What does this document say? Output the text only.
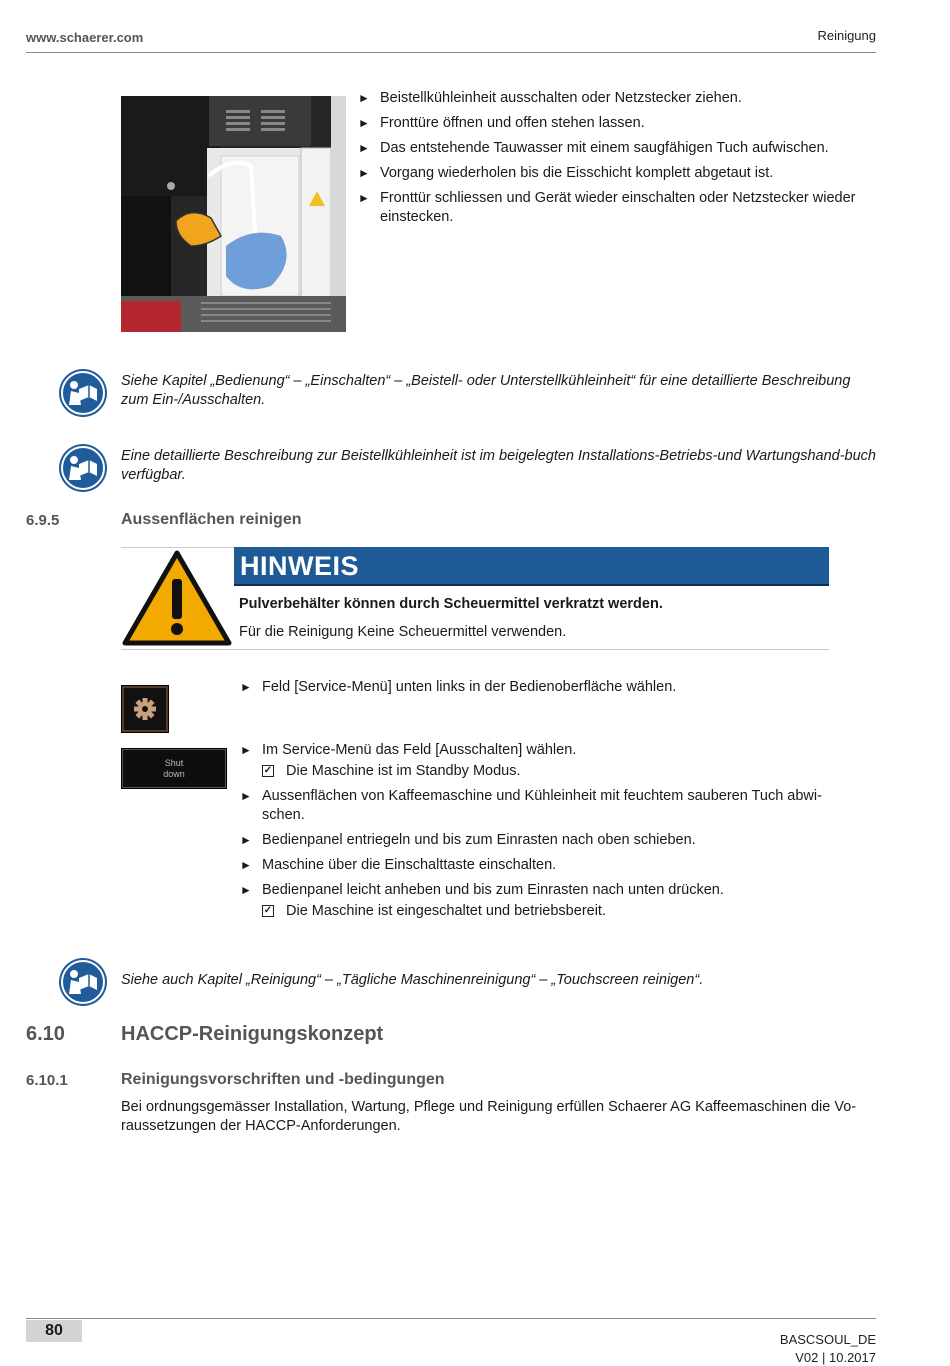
www.schaerer.com	Reinigung
► Beistellkühleinheit ausschalten oder Netzstecker ziehen.
► Fronttüre öffnen und offen stehen lassen.
► Das entstehende Tauwasser mit einem saugfähigen Tuch aufwischen.
► Vorgang wiederholen bis die Eisschicht komplett abgetaut ist.
► Fronttür schliessen und Gerät wieder einschalten oder Netzstecker wieder einstecken.
Siehe Kapitel „Bedienung“ – „Einschalten“ – „Beistell- oder Unterstellkühleinheit“ für eine detaillierte Beschreibung zum Ein-/Ausschalten.
Eine detaillierte Beschreibung zur Beistellkühleinheit ist im beigelegten Installations-Betriebs-und Wartungshand-buch verfügbar.
6.9.5	Aussenflächen reinigen
HINWEIS
Pulverbehälter können durch Scheuermittel verkratzt werden.
Für die Reinigung Keine Scheuermittel verwenden.
► Feld [Service-Menü] unten links in der Bedienoberfläche wählen.
Shut
down
► Im Service-Menü das Feld [Ausschalten] wählen.
✓ Die Maschine ist im Standby Modus.
► Aussenflächen von Kaffeemaschine und Kühleinheit mit feuchtem sauberen Tuch abwi-schen.
► Bedienpanel entriegeln und bis zum Einrasten nach oben schieben.
► Maschine über die Einschalttaste einschalten.
► Bedienpanel leicht anheben und bis zum Einrasten nach unten drücken.
✓ Die Maschine ist eingeschaltet und betriebsbereit.
Siehe auch Kapitel „Reinigung“ – „Tägliche Maschinenreinigung“ – „Touchscreen reinigen“.
6.10	HACCP-Reinigungskonzept
6.10.1	Reinigungsvorschriften und -bedingungen
Bei ordnungsgemässer Installation, Wartung, Pflege und Reinigung erfüllen Schaerer AG Kaffeemaschinen die Vo-raussetzungen der HACCP-Anforderungen.
80
BASCSOUL_DE
V02 | 10.2017
